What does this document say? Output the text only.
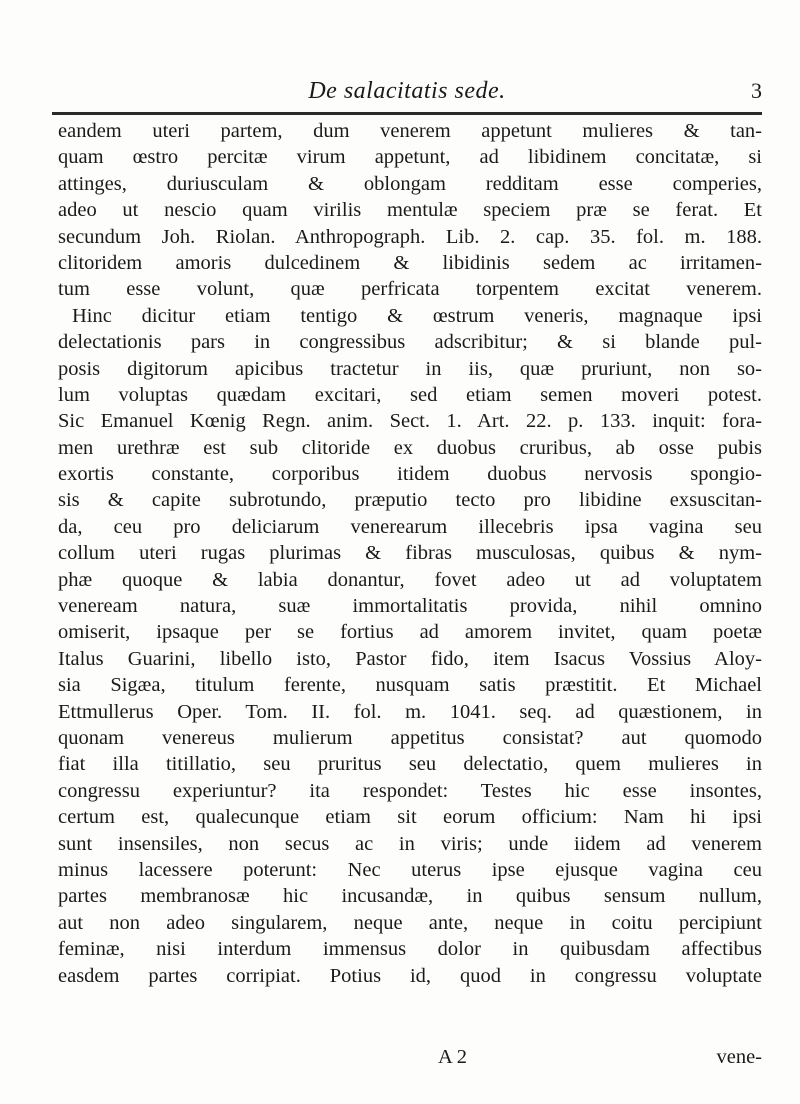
De salacitatis sede.	3
eandem uteri partem, dum venerem appetunt mulieres & tan-
quam œstro percitæ virum appetunt, ad libidinem concitatæ, si
attinges, duriusculam & oblongam redditam esse comperies,
adeo ut nescio quam virilis mentulæ speciem præ se ferat. Et
secundum Joh. Riolan. Anthropograph. Lib. 2. cap. 35. fol. m. 188.
clitoridem amoris dulcedinem & libidinis sedem ac irritamen-
tum esse volunt, quæ perfricata torpentem excitat venerem.
Hinc dicitur etiam tentigo & œstrum veneris, magnaque ipsi
delectationis pars in congressibus adscribitur; & si blande pul-
posis digitorum apicibus tractetur in iis, quæ pruriunt, non so-
lum voluptas quædam excitari, sed etiam semen moveri potest.
Sic Emanuel Kœnig Regn. anim. Sect. 1. Art. 22. p. 133. inquit: fora-
men urethræ est sub clitoride ex duobus cruribus, ab osse pubis
exortis constante, corporibus itidem duobus nervosis spongio-
sis & capite subrotundo, præputio tecto pro libidine exsuscitan-
da, ceu pro deliciarum venerearum illecebris ipsa vagina seu
collum uteri rugas plurimas & fibras musculosas, quibus & nym-
phæ quoque & labia donantur, fovet adeo ut ad voluptatem
veneream natura, suæ immortalitatis provida, nihil omnino
omiserit, ipsaque per se fortius ad amorem invitet, quam poetæ
Italus Guarini, libello isto, Pastor fido, item Isacus Vossius Aloy-
sia Sigæa, titulum ferente, nusquam satis præstitit. Et Michael
Ettmullerus Oper. Tom. II. fol. m. 1041. seq. ad quæstionem, in
quonam venereus mulierum appetitus consistat? aut quomodo
fiat illa titillatio, seu pruritus seu delectatio, quem mulieres in
congressu experiuntur? ita respondet: Testes hic esse insontes,
certum est, qualecunque etiam sit eorum officium: Nam hi ipsi
sunt insensiles, non secus ac in viris; unde iidem ad venerem
minus lacessere poterunt: Nec uterus ipse ejusque vagina ceu
partes membranosæ hic incusandæ, in quibus sensum nullum,
aut non adeo singularem, neque ante, neque in coitu percipiunt
feminæ, nisi interdum immensus dolor in quibusdam affectibus
easdem partes corripiat. Potius id, quod in congressu voluptate
A 2	vene-
